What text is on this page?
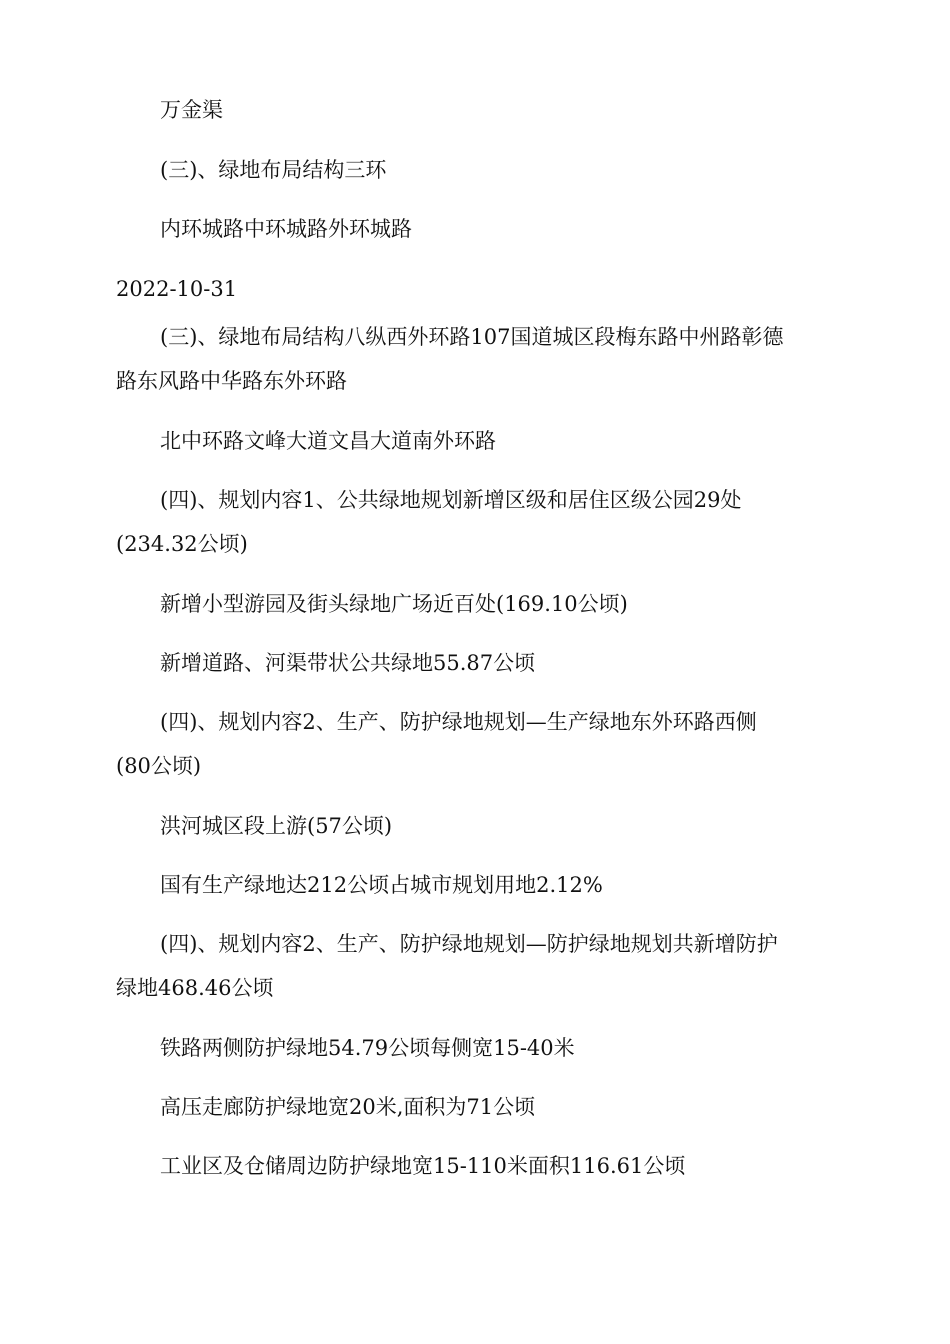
万金渠
(三)、绿地布局结构三环
内环城路中环城路外环城路
2022-10-31
(三)、绿地布局结构八纵西外环路107国道城区段梅东路中州路彰德
路东风路中华路东外环路
北中环路文峰大道文昌大道南外环路
(四)、规划内容1、公共绿地规划新增区级和居住区级公园29处
(234.32公顷)
新增小型游园及街头绿地广场近百处(169.10公顷)
新增道路、河渠带状公共绿地55.87公顷
(四)、规划内容2、生产、防护绿地规划—生产绿地东外环路西侧
(80公顷)
洪河城区段上游(57公顷)
国有生产绿地达212公顷占城市规划用地2.12%
(四)、规划内容2、生产、防护绿地规划—防护绿地规划共新增防护
绿地468.46公顷
铁路两侧防护绿地54.79公顷每侧宽15-40米
高压走廊防护绿地宽20米,面积为71公顷
工业区及仓储周边防护绿地宽15-110米面积116.61公顷
